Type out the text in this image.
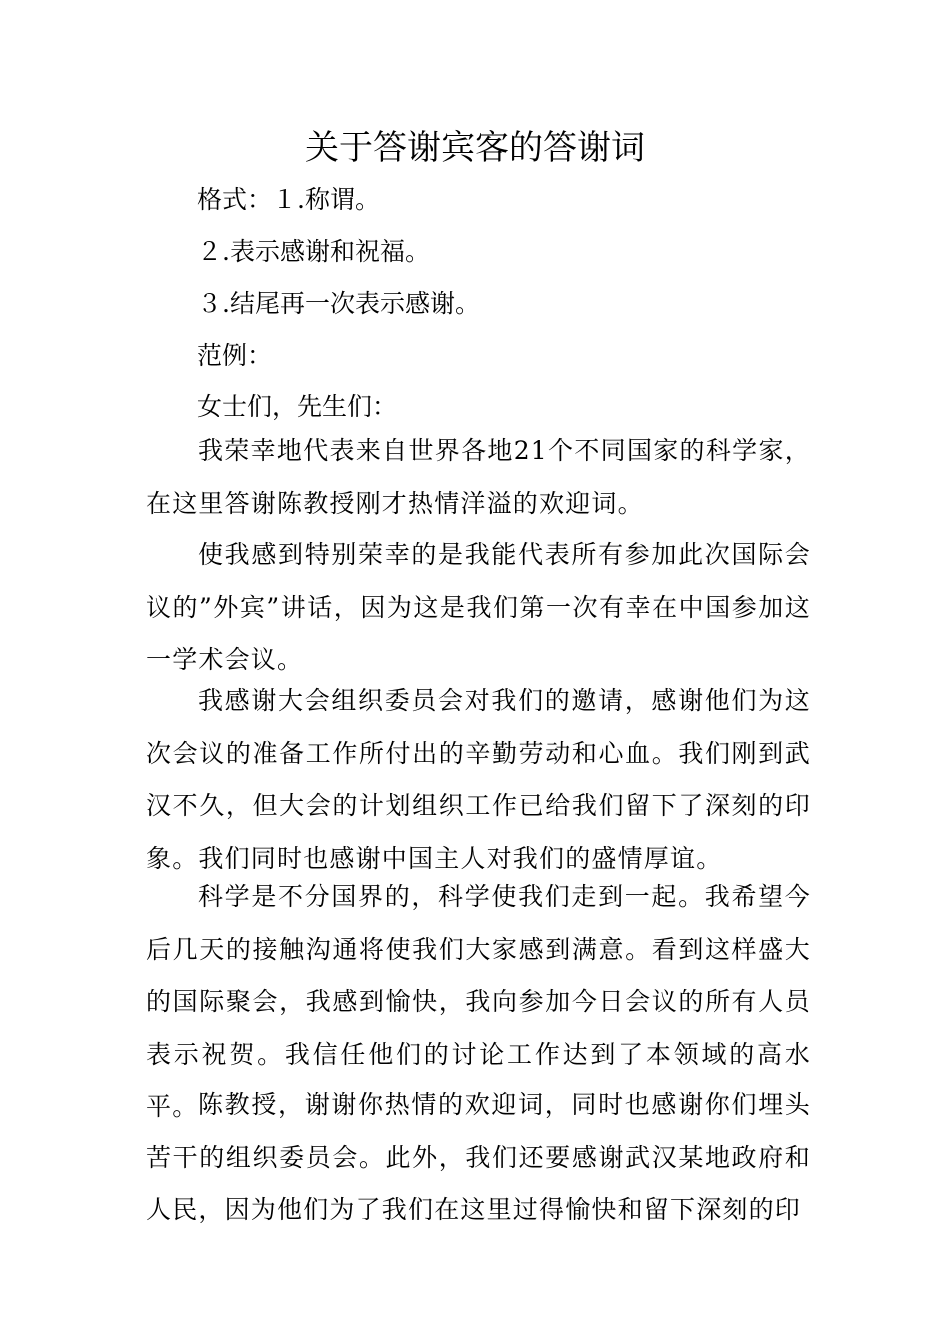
关于答谢宾客的答谢词
格式：１.称谓。
２.表示感谢和祝福。
３.结尾再一次表示感谢。
范例：
女士们，先生们：

我荣幸地代表来自世界各地21个不同国家的科学家，在这里答谢陈教授刚才热情洋溢的欢迎词。

使我感到特别荣幸的是我能代表所有参加此次国际会议的”外宾”讲话，因为这是我们第一次有幸在中国参加这一学术会议。

我感谢大会组织委员会对我们的邀请，感谢他们为这次会议的准备工作所付出的辛勤劳动和心血。我们刚到武汉不久，但大会的计划组织工作已给我们留下了深刻的印象。我们同时也感谢中国主人对我们的盛情厚谊。

科学是不分国界的，科学使我们走到一起。我希望今后几天的接触沟通将使我们大家感到满意。看到这样盛大的国际聚会，我感到愉快，我向参加今日会议的所有人员表示祝贺。我信任他们的讨论工作达到了本领域的高水平。 陈教授，谢谢你热情的欢迎词，同时也感谢你们埋头苦干的组织委员会。此外，我们还要感谢武汉某地政府和人民，因为他们为了我们在这里过得愉快和留下深刻的印
